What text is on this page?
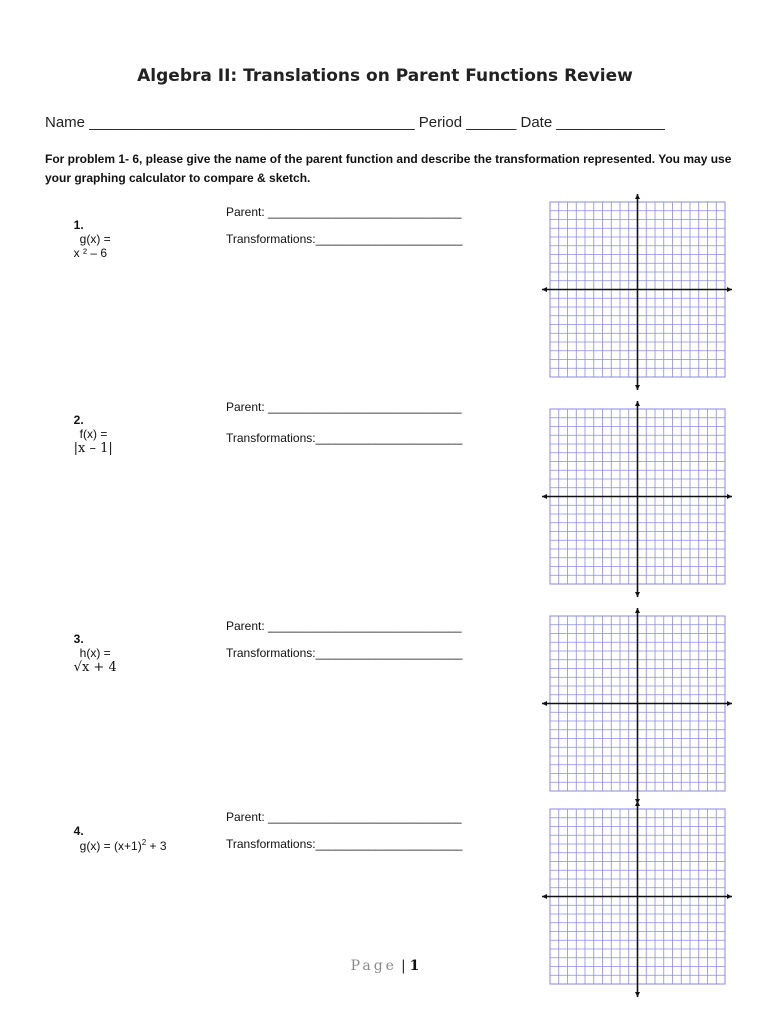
Algebra II: Translations on Parent Functions Review
Name _______________________________________ Period ______ Date _____________
For problem 1- 6, please give the name of the parent function and describe the transformation represented. You may use your graphing calculator to compare & sketch.

1.
g(x) =
x ² – 6

Parent: _____________________________
Transformations:______________________

2.
f(x) =
|x – 1|

Parent: _____________________________
Transformations:______________________

3.
h(x) =
√x + 4

Parent: _____________________________
Transformations:______________________

4.
$g(x) = (x+1)^2 + 3$

Parent: _____________________________
Transformations:______________________
Page | 1
